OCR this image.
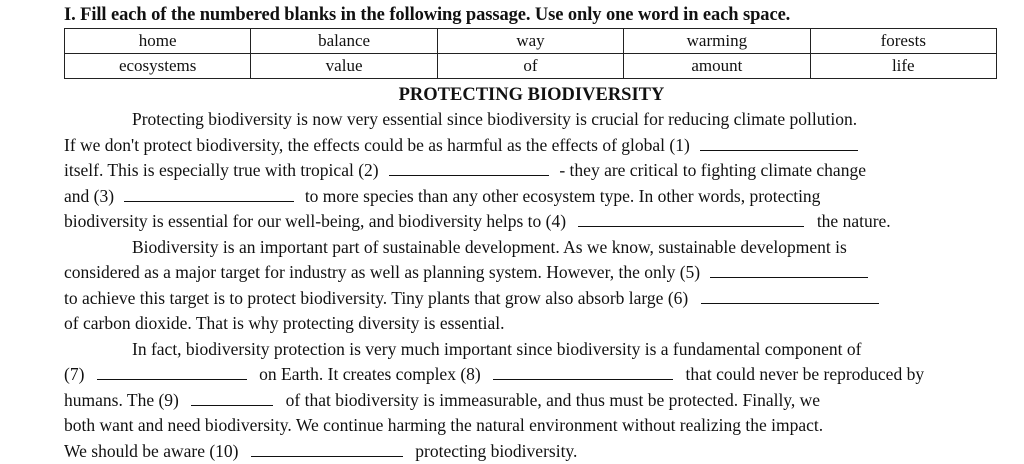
I. Fill each of the numbered blanks in the following passage. Use only one word in each space.
home	balance	way	warming	forests
ecosystems	value	of	amount	life
PROTECTING BIODIVERSITY
Protecting biodiversity is now very essential since biodiversity is crucial for reducing climate pollution.
If we don't protect biodiversity, the effects could be as harmful as the effects of global (1)
itself. This is especially true with tropical (2)	- they are critical to fighting climate change
and (3)	to more species than any other ecosystem type. In other words, protecting
biodiversity is essential for our well-being, and biodiversity helps to (4)	the nature.
Biodiversity is an important part of sustainable development. As we know, sustainable development is
considered as a major target for industry as well as planning system. However, the only (5)
to achieve this target is to protect biodiversity. Tiny plants that grow also absorb large (6)
of carbon dioxide. That is why protecting diversity is essential.
In fact, biodiversity protection is very much important since biodiversity is a fundamental component of
(7)	on Earth. It creates complex (8)	that could never be reproduced by
humans. The (9)	of that biodiversity is immeasurable, and thus must be protected. Finally, we
both want and need biodiversity. We continue harming the natural environment without realizing the impact.
We should be aware (10)	protecting biodiversity.
